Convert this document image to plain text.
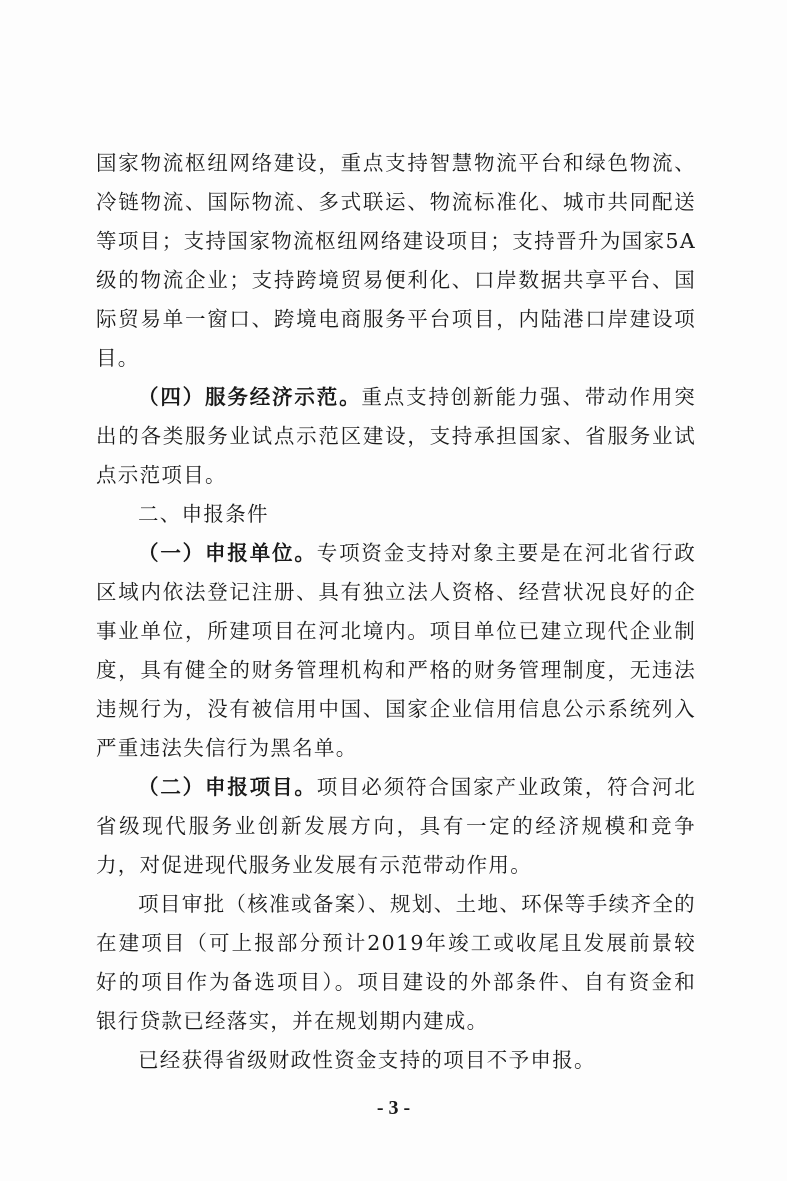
国家物流枢纽网络建设，重点支持智慧物流平台和绿色物流、冷链物流、国际物流、多式联运、物流标准化、城市共同配送等项目；支持国家物流枢纽网络建设项目；支持晋升为国家5A级的物流企业；支持跨境贸易便利化、口岸数据共享平台、国际贸易单一窗口、跨境电商服务平台项目，内陆港口岸建设项目。

（四）服务经济示范。重点支持创新能力强、带动作用突出的各类服务业试点示范区建设，支持承担国家、省服务业试点示范项目。

二、申报条件

（一）申报单位。专项资金支持对象主要是在河北省行政区域内依法登记注册、具有独立法人资格、经营状况良好的企事业单位，所建项目在河北境内。项目单位已建立现代企业制度，具有健全的财务管理机构和严格的财务管理制度，无违法违规行为，没有被信用中国、国家企业信用信息公示系统列入严重违法失信行为黑名单。

（二）申报项目。项目必须符合国家产业政策，符合河北省级现代服务业创新发展方向，具有一定的经济规模和竞争力，对促进现代服务业发展有示范带动作用。

项目审批（核准或备案）、规划、土地、环保等手续齐全的在建项目（可上报部分预计2019年竣工或收尾且发展前景较好的项目作为备选项目）。项目建设的外部条件、自有资金和银行贷款已经落实，并在规划期内建成。

已经获得省级财政性资金支持的项目不予申报。

- 3 -
